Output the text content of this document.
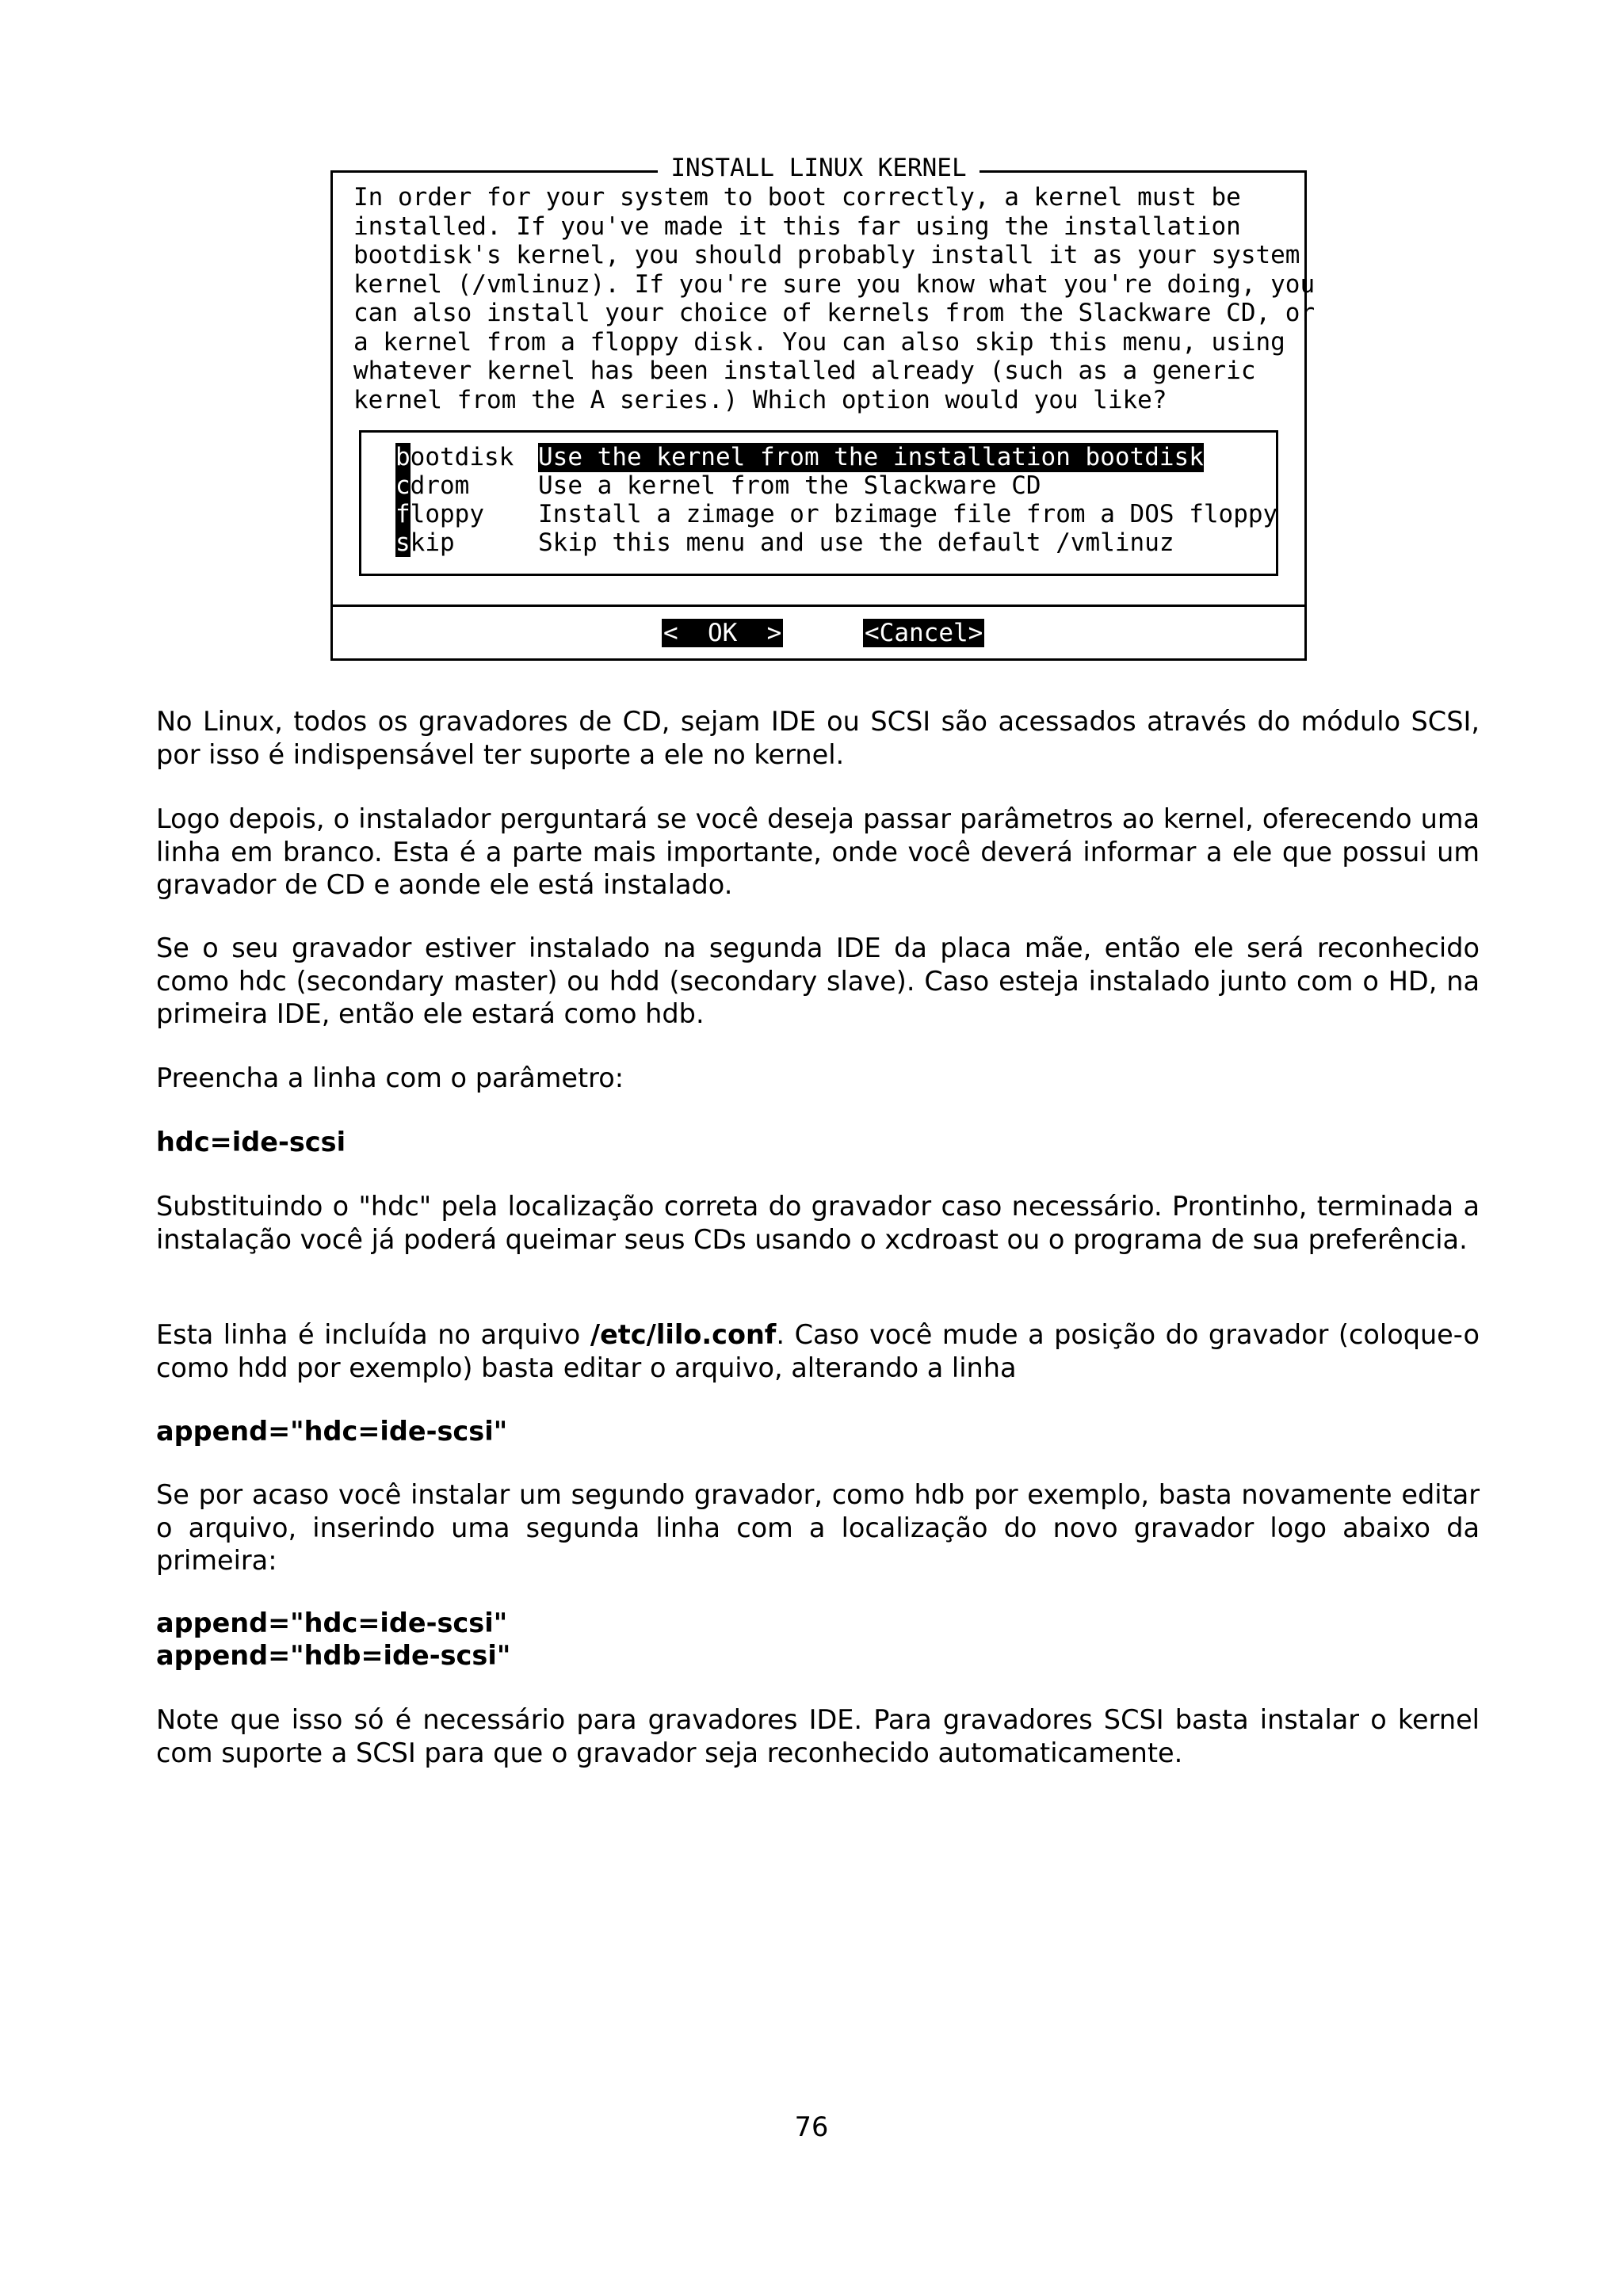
INSTALL LINUX KERNEL
In order for your system to boot correctly, a kernel must be
installed. If you've made it this far using the installation
bootdisk's kernel, you should probably install it as your system
kernel (/vmlinuz). If you're sure you know what you're doing, you
can also install your choice of kernels from the Slackware CD, or
a kernel from a floppy disk. You can also skip this menu, using
whatever kernel has been installed already (such as a generic
kernel from the A series.) Which option would you like?
bootdisk Use the kernel from the installation bootdisk
cdrom	Use a kernel from the Slackware CD
floppy Install a zimage or bzimage file from a DOS floppy
skip	Skip this menu and use the default /vmlinuz
<  OK  >	<Cancel>

No Linux, todos os gravadores de CD, sejam IDE ou SCSI são acessados através do módulo SCSI, por isso é indispensável ter suporte a ele no kernel.

Logo depois, o instalador perguntará se você deseja passar parâmetros ao kernel, oferecendo uma linha em branco. Esta é a parte mais importante, onde você deverá informar a ele que possui um gravador de CD e aonde ele está instalado.

Se o seu gravador estiver instalado na segunda IDE da placa mãe, então ele será reconhecido como hdc (secondary master) ou hdd (secondary slave). Caso esteja instalado junto com o HD, na primeira IDE, então ele estará como hdb.

Preencha a linha com o parâmetro:

hdc=ide-scsi

Substituindo o "hdc" pela localização correta do gravador caso necessário. Prontinho, terminada a instalação você já poderá queimar seus CDs usando o xcdroast ou o programa de sua preferência.

Esta linha é incluída no arquivo /etc/lilo.conf. Caso você mude a posição do gravador (coloque-o como hdd por exemplo) basta editar o arquivo, alterando a linha

append="hdc=ide-scsi"

Se por acaso você instalar um segundo gravador, como hdb por exemplo, basta novamente editar o arquivo, inserindo uma segunda linha com a localização do novo gravador logo abaixo da primeira:

append="hdc=ide-scsi"
append="hdb=ide-scsi"

Note que isso só é necessário para gravadores IDE. Para gravadores SCSI basta instalar o kernel com suporte a SCSI para que o gravador seja reconhecido automaticamente.

76
